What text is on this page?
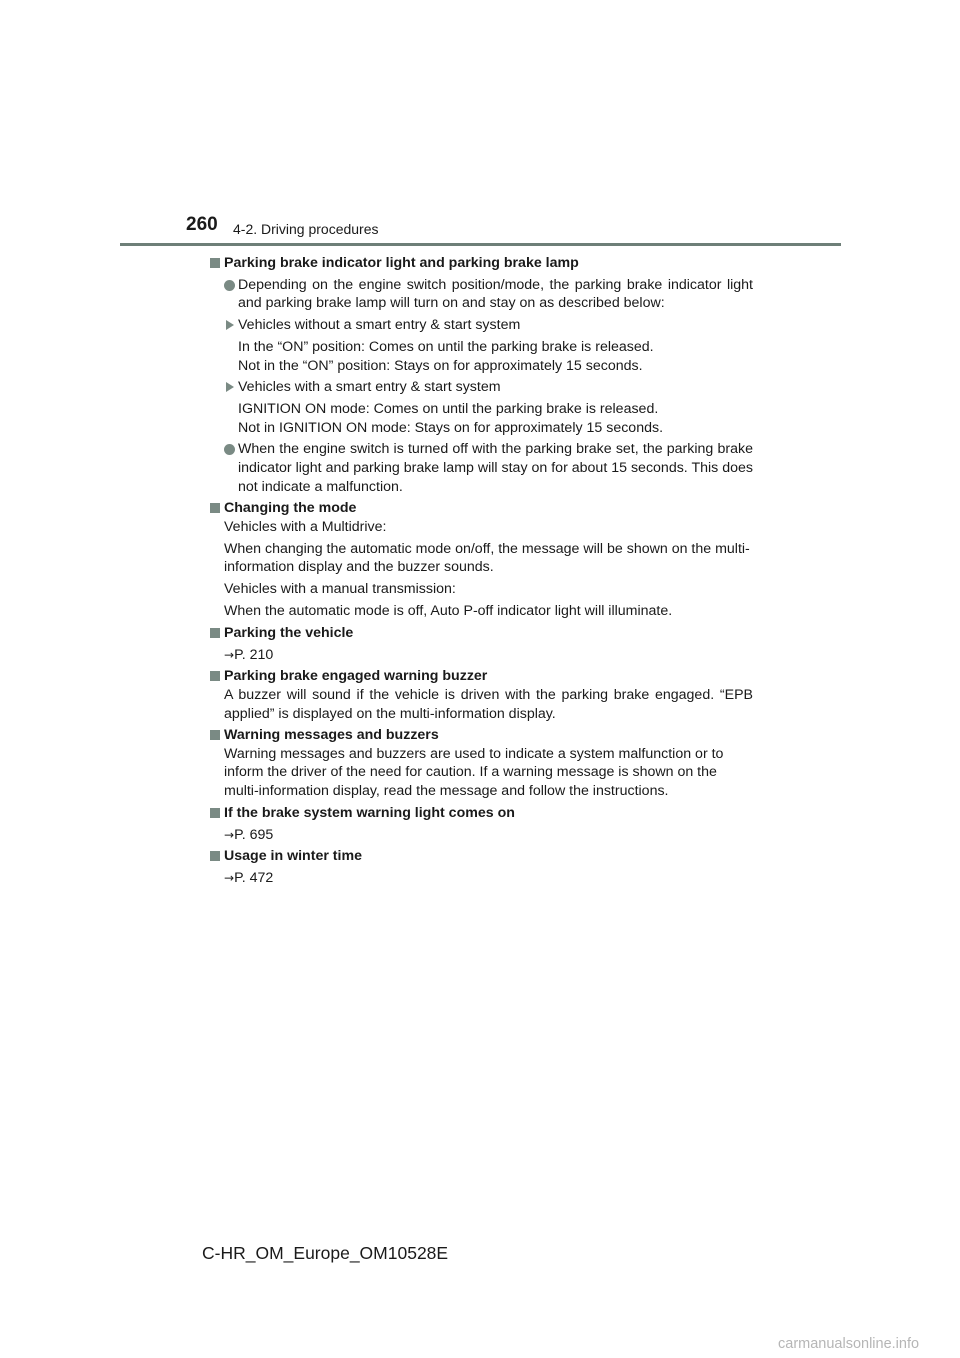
260 4-2. Driving procedures
Parking brake indicator light and parking brake lamp
Depending on the engine switch position/mode, the parking brake indicator light and parking brake lamp will turn on and stay on as described below:
Vehicles without a smart entry & start system
In the “ON” position: Comes on until the parking brake is released.
Not in the “ON” position: Stays on for approximately 15 seconds.
Vehicles with a smart entry & start system
IGNITION ON mode: Comes on until the parking brake is released.
Not in IGNITION ON mode: Stays on for approximately 15 seconds.
When the engine switch is turned off with the parking brake set, the parking brake indicator light and parking brake lamp will stay on for about 15 seconds. This does not indicate a malfunction.
Changing the mode
Vehicles with a Multidrive:
When changing the automatic mode on/off, the message will be shown on the multi-information display and the buzzer sounds.
Vehicles with a manual transmission:
When the automatic mode is off, Auto P-off indicator light will illuminate.
Parking the vehicle
→P. 210
Parking brake engaged warning buzzer
A buzzer will sound if the vehicle is driven with the parking brake engaged. “EPB applied” is displayed on the multi-information display.
Warning messages and buzzers
Warning messages and buzzers are used to indicate a system malfunction or to inform the driver of the need for caution. If a warning message is shown on the multi-information display, read the message and follow the instructions.
If the brake system warning light comes on
→P. 695
Usage in winter time
→P. 472
C-HR_OM_Europe_OM10528E
carmanualsonline.info
